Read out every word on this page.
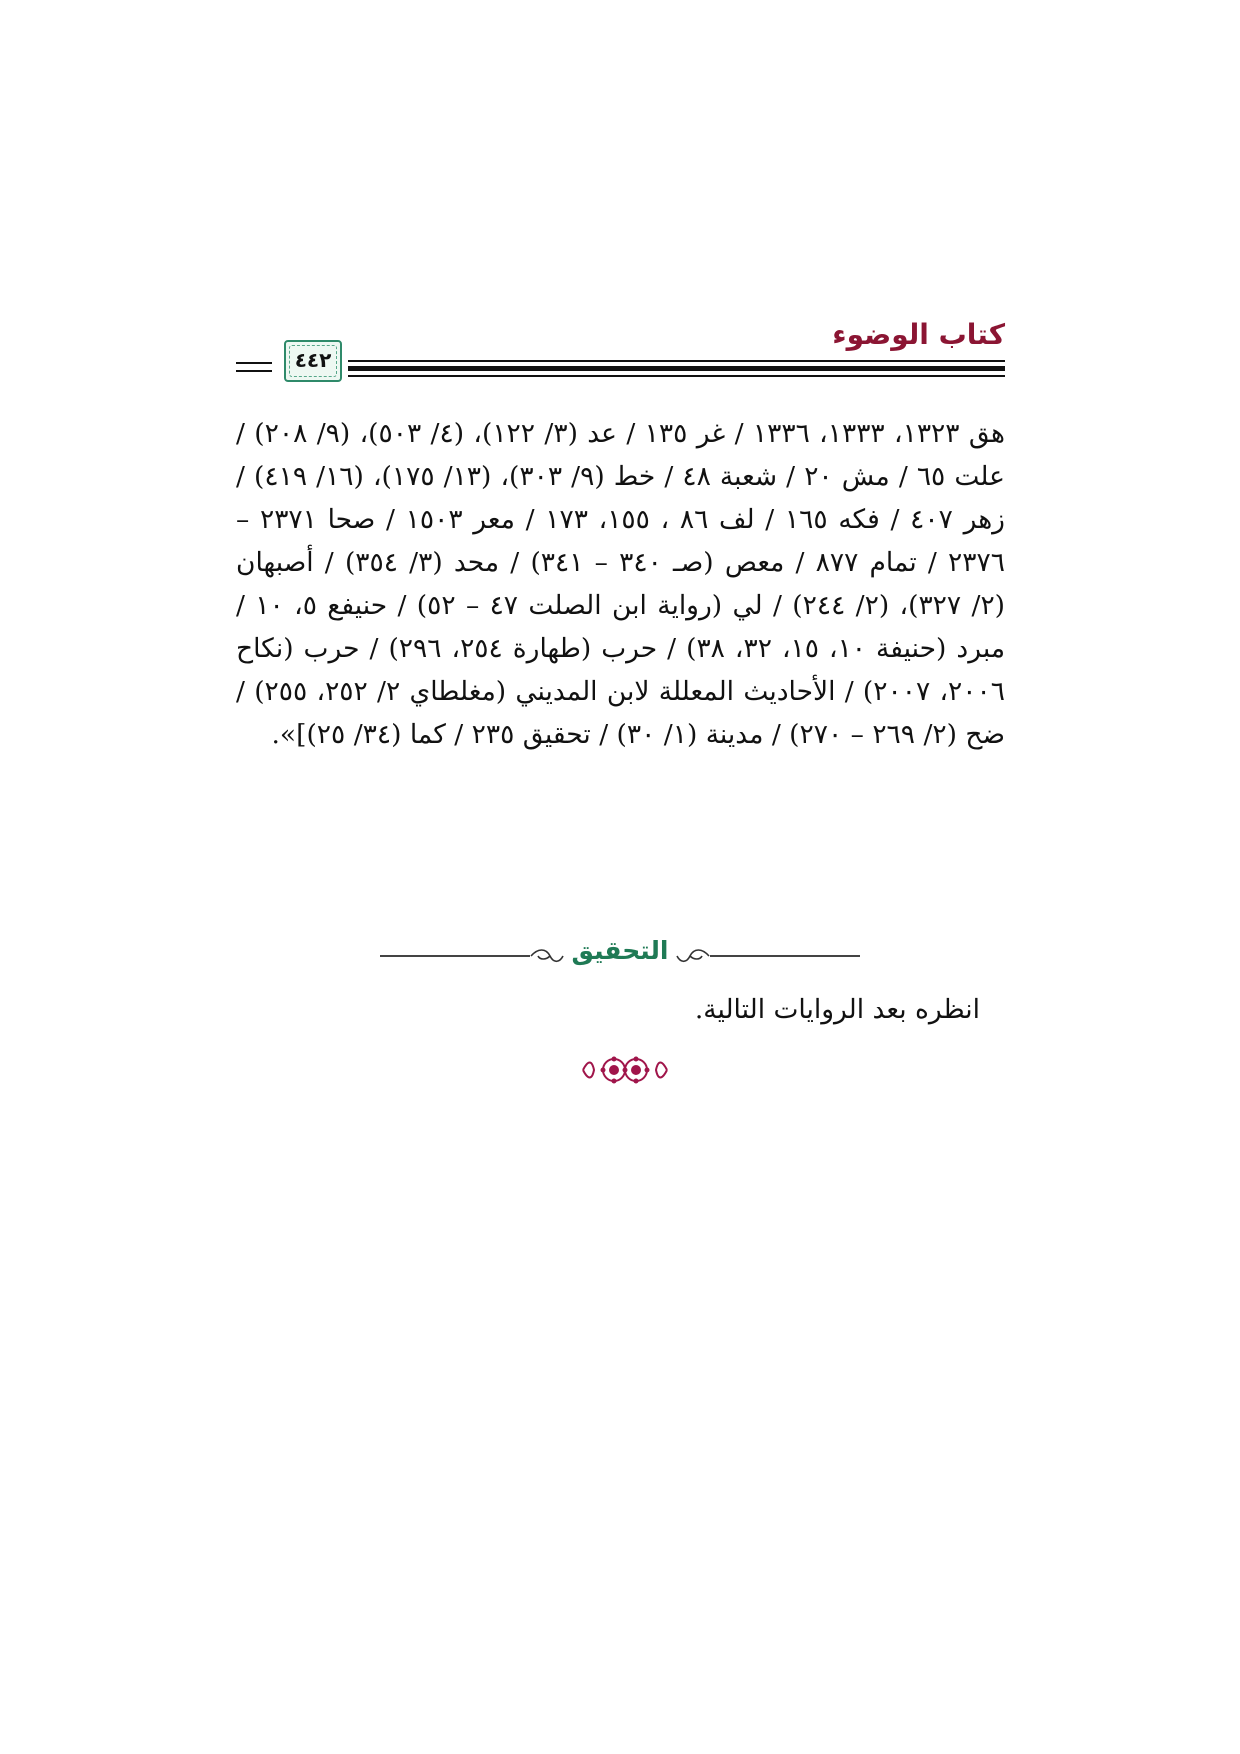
كتاب الوضوء
٤٤٢

هق ١٣٢٣، ١٣٣٣، ١٣٣٦ / غر ١٣٥ / عد (٣/ ١٢٢)، (٤/ ٥٠٣)، (٩/ ٢٠٨) / علت ٦٥ / مش ٢٠ / شعبة ٤٨ / خط (٩/ ٣٠٣)، (١٣/ ١٧٥)، (١٦/ ٤١٩) / زهر ٤٠٧ / فكه ١٦٥ / لف ٨٦ ، ١٥٥، ١٧٣ / معر ١٥٠٣ / صحا ٢٣٧١ – ٢٣٧٦ / تمام ٨٧٧ / معص (صـ ٣٤٠ – ٣٤١) / محد (٣/ ٣٥٤) / أصبهان (٢/ ٣٢٧)، (٢/ ٢٤٤) / لي (رواية ابن الصلت ٤٧ – ٥٢) / حنيفع ٥، ١٠ / مبرد (حنيفة ١٠، ١٥، ٣٢، ٣٨) / حرب (طهارة ٢٥٤، ٢٩٦) / حرب (نكاح ٢٠٠٦، ٢٠٠٧) / الأحاديث المعللة لابن المديني (مغلطاي ٢/ ٢٥٢، ٢٥٥) / ضح (٢/ ٢٦٩ – ٢٧٠) / مدينة (١/ ٣٠) / تحقيق ٢٣٥ / كما (٣٤/ ٢٥)]».

التحقيق
انظره بعد الروايات التالية.
